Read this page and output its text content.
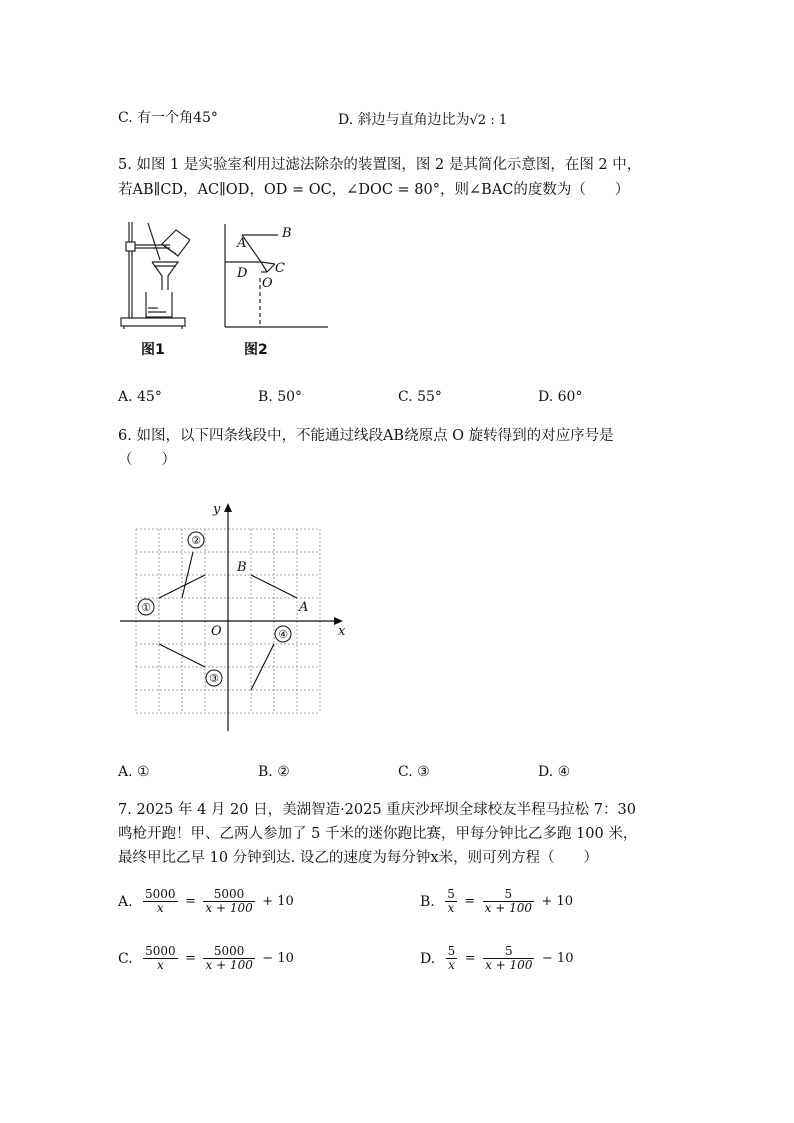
C. 有一个角45°	D. 斜边与直角边比为√2 : 1
5. 如图 1 是实验室利用过滤法除杂的装置图，图 2 是其简化示意图，在图 2 中，
若AB∥CD，AC∥OD，OD = OC，∠DOC = 80°，则∠BAC的度数为（　　）
图1
B
A
D C
O
图2
A. 45°	B. 50°	C. 55°	D. 60°
6. 如图，以下四条线段中，不能通过线段AB绕原点 O 旋转得到的对应序号是
（　　）
①
②
③
④
y
x
O
B
A
A. ①	B. ②	C. ③	D. ④
7. 2025 年 4 月 20 日，美湖智造·2025 重庆沙坪坝全球校友半程马拉松 7：30
鸣枪开跑！甲、乙两人参加了 5 千米的迷你跑比赛，甲每分钟比乙多跑 100 米，
最终甲比乙早 10 分钟到达. 设乙的速度为每分钟x米，则可列方程（　　）
A. $\frac{5000}{x} = \frac{5000}{x + 100} + 10$	B. $\frac{5}{x} = \frac{5}{x + 100} + 10$
C. $\frac{5000}{x} = \frac{5000}{x + 100} - 10$	D. $\frac{5}{x} = \frac{5}{x + 100} - 10$
